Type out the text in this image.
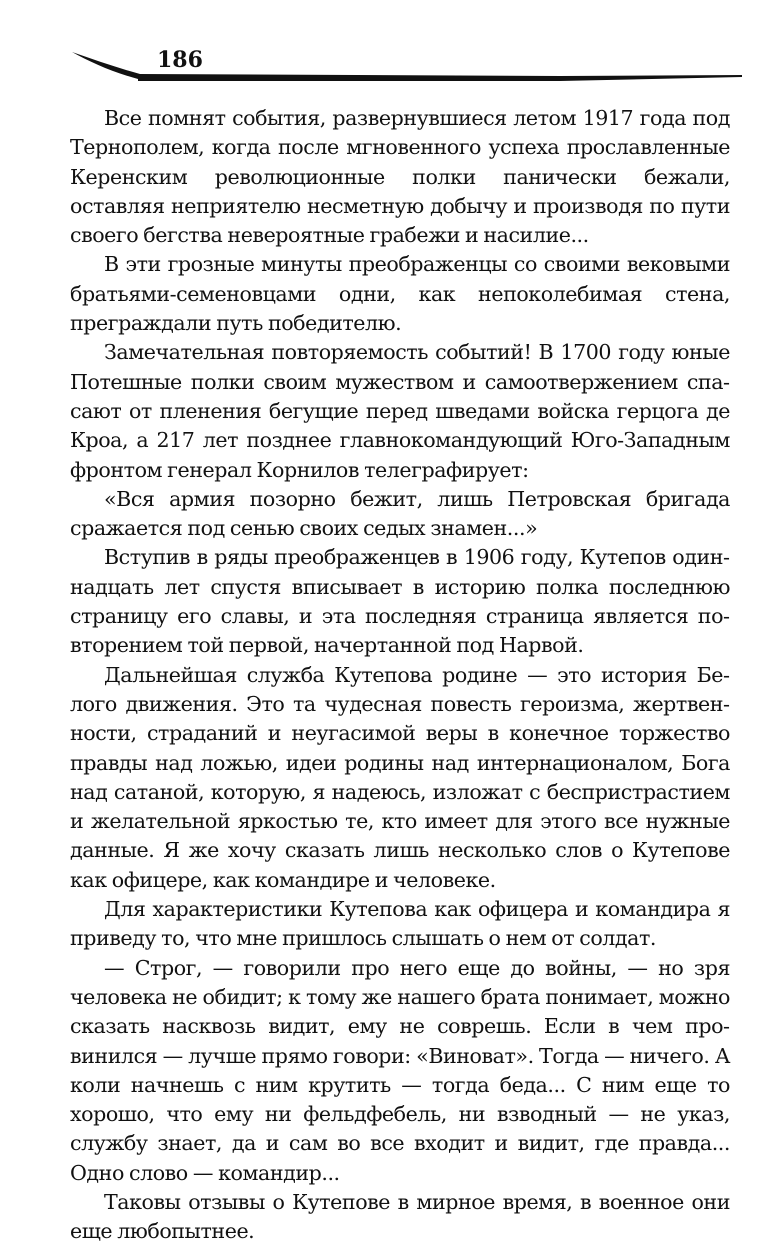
186

Все помнят события, развернувшиеся летом 1917 года под Тернополем, когда после мгновенного успеха прославленные Керенским революционные полки панически бежали, оставляя неприятелю несметную добычу и производя по пути своего бегства невероятные грабежи и насилие...

В эти грозные минуты преображенцы со своими вековыми братьями-семеновцами одни, как непоколебимая стена, преграждали путь победителю.

Замечательная повторяемость событий! В 1700 году юные Потешные полки своим мужеством и самоотвержением спасают от пленения бегущие перед шведами войска герцога де Кроа, а 217 лет позднее главнокомандующий Юго-Западным фронтом генерал Корнилов телеграфирует:

«Вся армия позорно бежит, лишь Петровская бригада сражается под сенью своих седых знамен...»

Вступив в ряды преображенцев в 1906 году, Кутепов одиннадцать лет спустя вписывает в историю полка последнюю страницу его славы, и эта последняя страница является повторением той первой, начертанной под Нарвой.

Дальнейшая служба Кутепова родине — это история Белого движения. Это та чудесная повесть героизма, жертвенности, страданий и неугасимой веры в конечное торжество правды над ложью, идеи родины над интернационалом, Бога над сатаной, которую, я надеюсь, изложат с беспристрастием и желательной яркостью те, кто имеет для этого все нужные данные. Я же хочу сказать лишь несколько слов о Кутепове как офицере, как командире и человеке.

Для характеристики Кутепова как офицера и командира я приведу то, что мне пришлось слышать о нем от солдат.

— Строг, — говорили про него еще до войны, — но зря человека не обидит; к тому же нашего брата понимает, можно сказать насквозь видит, ему не соврешь. Если в чем провинился — лучше прямо говори: «Виноват». Тогда — ничего. А коли начнешь с ним крутить — тогда беда... С ним еще то хорошо, что ему ни фельдфебель, ни взводный — не указ, службу знает, да и сам во все входит и видит, где правда... Одно слово — командир...

Таковы отзывы о Кутепове в мирное время, в военное они еще любопытнее.
